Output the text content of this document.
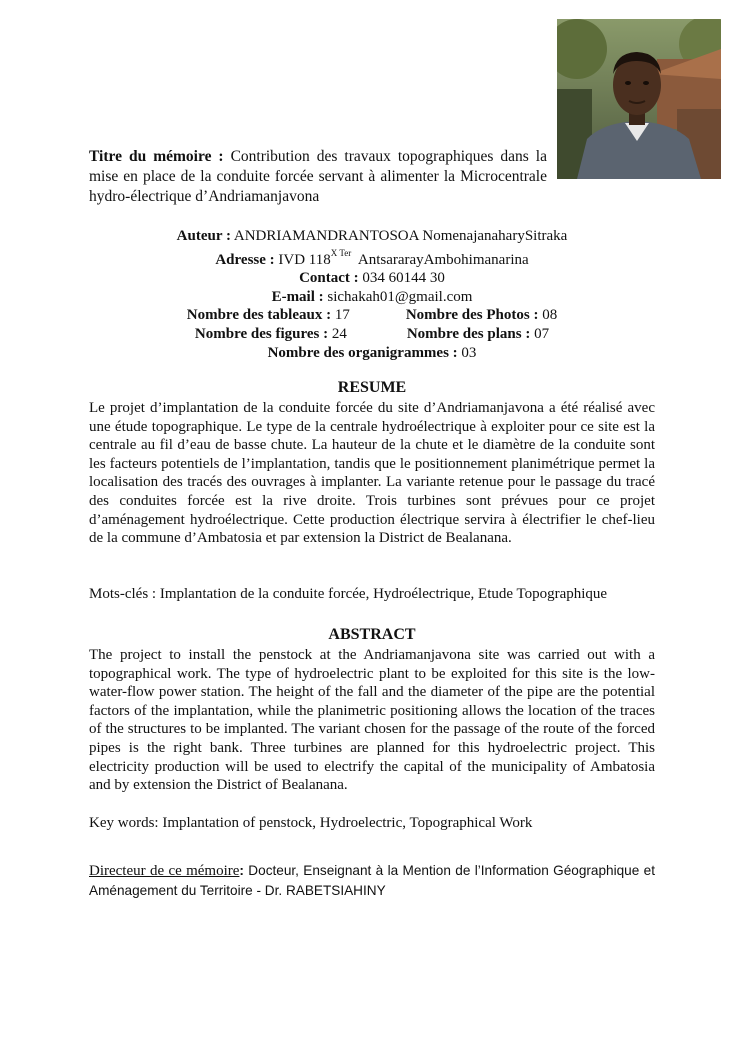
Titre du mémoire : Contribution des travaux topographiques dans la mise en place de la conduite forcée servant à alimenter la Microcentrale hydro-électrique d’Andriamanjavona
Auteur : ANDRIAMANDRANTOSOA NomenajanaharySitraka
Adresse : IVD $118^{X Ter}$  AntsararayAmbohimanarina
Contact : 034 60144 30
E-mail : sichakah01@gmail.com
Nombre des tableaux : 17	Nombre des Photos : 08
Nombre des figures : 24	Nombre des plans : 07
Nombre des organigrammes : 03
RESUME
Le projet d’implantation de la conduite forcée du site d’Andriamanjavona a été réalisé avec une étude topographique. Le type de la centrale hydroélectrique à exploiter pour ce site est la centrale au fil d’eau de basse chute. La hauteur de la chute et le diamètre de la conduite sont les facteurs potentiels de l’implantation, tandis que le positionnement planimétrique permet la localisation des tracés des ouvrages à implanter. La variante retenue pour le passage du tracé des conduites forcée est la rive droite. Trois turbines sont prévues pour ce projet d’aménagement hydroélectrique. Cette production électrique servira à électrifier le chef-lieu de la commune d’Ambatosia et par extension la District de Bealanana.
Mots-clés : Implantation de la conduite forcée, Hydroélectrique, Etude Topographique
ABSTRACT
The project to install the penstock at the Andriamanjavona site was carried out with a topographical work. The type of hydroelectric plant to be exploited for this site is the low-water-flow power station. The height of the fall and the diameter of the pipe are the potential factors of the implantation, while the planimetric positioning allows the location of the traces of the structures to be implanted. The variant chosen for the passage of the route of the forced pipes is the right bank. Three turbines are planned for this hydroelectric project. This electricity production will be used to electrify the capital of the municipality of Ambatosia and by extension the District of Bealanana.
Key words: Implantation of penstock, Hydroelectric, Topographical Work
Directeur de ce mémoire: Docteur, Enseignant à la Mention de l’Information Géographique et Aménagement du Territoire - Dr. RABETSIAHINY
